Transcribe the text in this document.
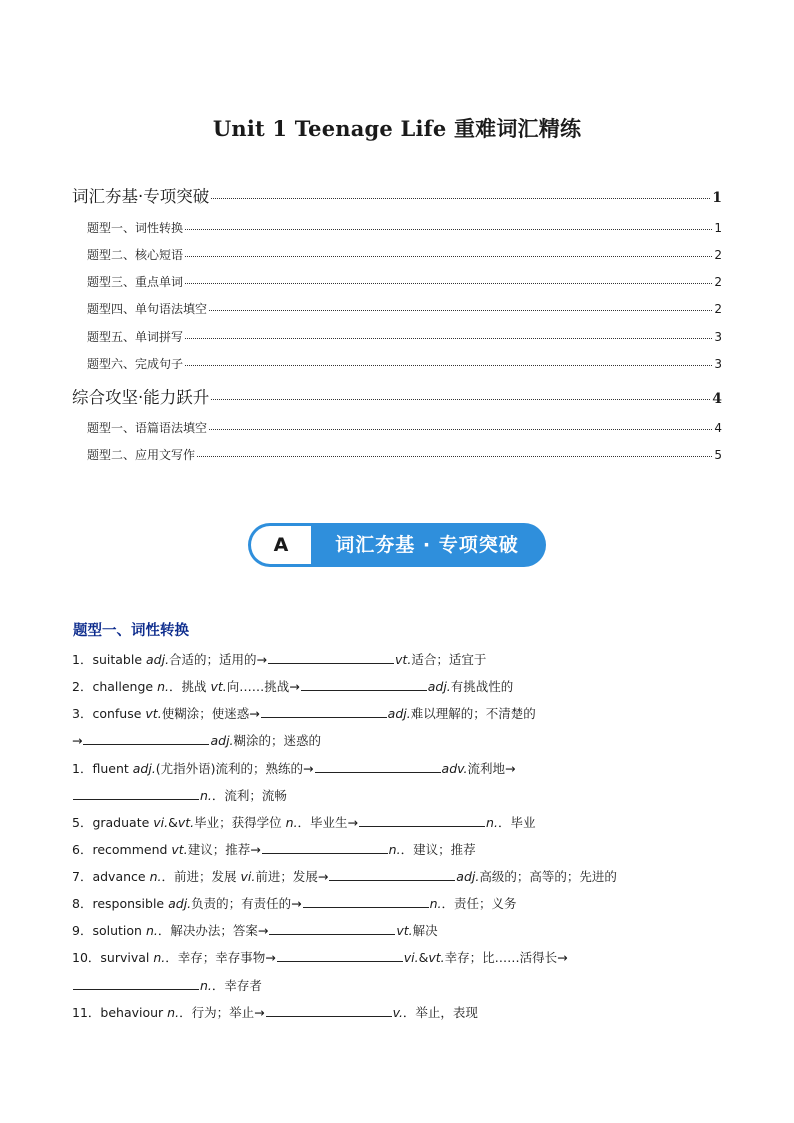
Unit 1 Teenage Life 重难词汇精练
词汇夯基·专项突破	1
题型一、词性转换	1
题型二、核心短语	2
题型三、重点单词	2
题型四、单句语法填空	2
题型五、单词拼写	3
题型六、完成句子	3
综合攻坚·能力跃升	4
题型一、语篇语法填空	4
题型二、应用文写作	5
A	词汇夯基 · 专项突破
题型一、词性转换
1．suitable adj.合适的；适用的→	vt.适合；适宜于
2．challenge n.．挑战 vt.向……挑战→	adj.有挑战性的
3．confuse vt.使糊涂；使迷惑→	adj.难以理解的；不清楚的
→	adj.糊涂的；迷惑的
1．fluent adj.(尤指外语)流利的；熟练的→	adv.流利地→
n.．流利；流畅
5．graduate vi.&vt.毕业；获得学位 n.．毕业生→	n.．毕业
6．recommend vt.建议；推荐→	n.．建议；推荐
7．advance n.．前进；发展 vi.前进；发展→	adj.高级的；高等的；先进的
8．responsible adj.负责的；有责任的→	n.．责任；义务
9．solution n.．解决办法；答案→	vt.解决
10．survival n.．幸存；幸存事物→	vi.&vt.幸存；比……活得长→
n.．幸存者
11．behaviour n.．行为；举止→	v.．举止，表现
